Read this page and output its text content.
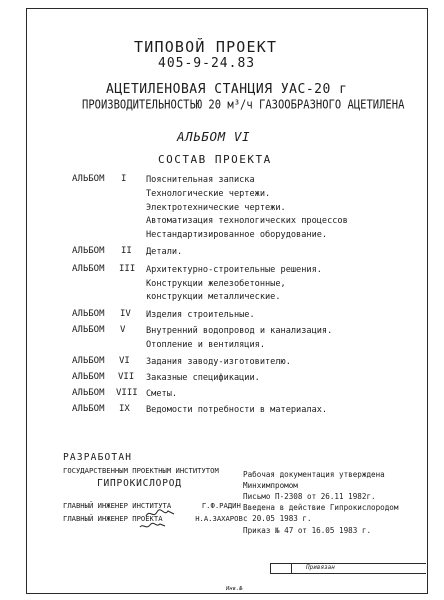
ТИПОВОЙ ПРОЕКТ
405-9-24.83
АЦЕТИЛЕНОВАЯ СТАНЦИЯ УАС-20 г
ПРОИЗВОДИТЕЛЬНОСТЬЮ 20 м³/ч ГАЗООБРАЗНОГО АЦЕТИЛЕНА
АЛЬБОМ VI
СОСТАВ ПРОЕКТА
АЛЬБОМ I Пояснительная записка
Технологические чертежи.
Электротехнические чертежи.
Автоматизация технологических процессов
Нестандартизированное оборудование.
АЛЬБОМ II Детали.
АЛЬБОМ III Архитектурно-строительные решения.
Конструкции железобетонные,
конструкции металлические.
АЛЬБОМ IV Изделия строительные.
АЛЬБОМ V Внутренний водопровод и канализация.
Отопление и вентиляция.
АЛЬБОМ VI Задания заводу-изготовителю.
АЛЬБОМ VII Заказные спецификации.
АЛЬБОМ VIII Сметы.
АЛЬБОМ IX Ведомости потребности в материалах.
РАЗРАБОТАН
ГОСУДАРСТВЕННЫМ ПРОЕКТНЫМ ИНСТИТУТОМ
ГИПРОКИСЛОРОД
ГЛАВНЫЙ ИНЖЕНЕР ИНСТИТУТА	Г.Ф.РАДИН
ГЛАВНЫЙ ИНЖЕНЕР ПРОЕКТА	Н.А.ЗАХАРОВ
Рабочая документация утверждена
Минхимпромом
Письмо П-2308 от 26.11 1982г.
Введена в действие Гипрокислородом
с 20.05 1983 г.
Приказ № 47 от 16.05 1983 г.
Привязан
Инв.№
